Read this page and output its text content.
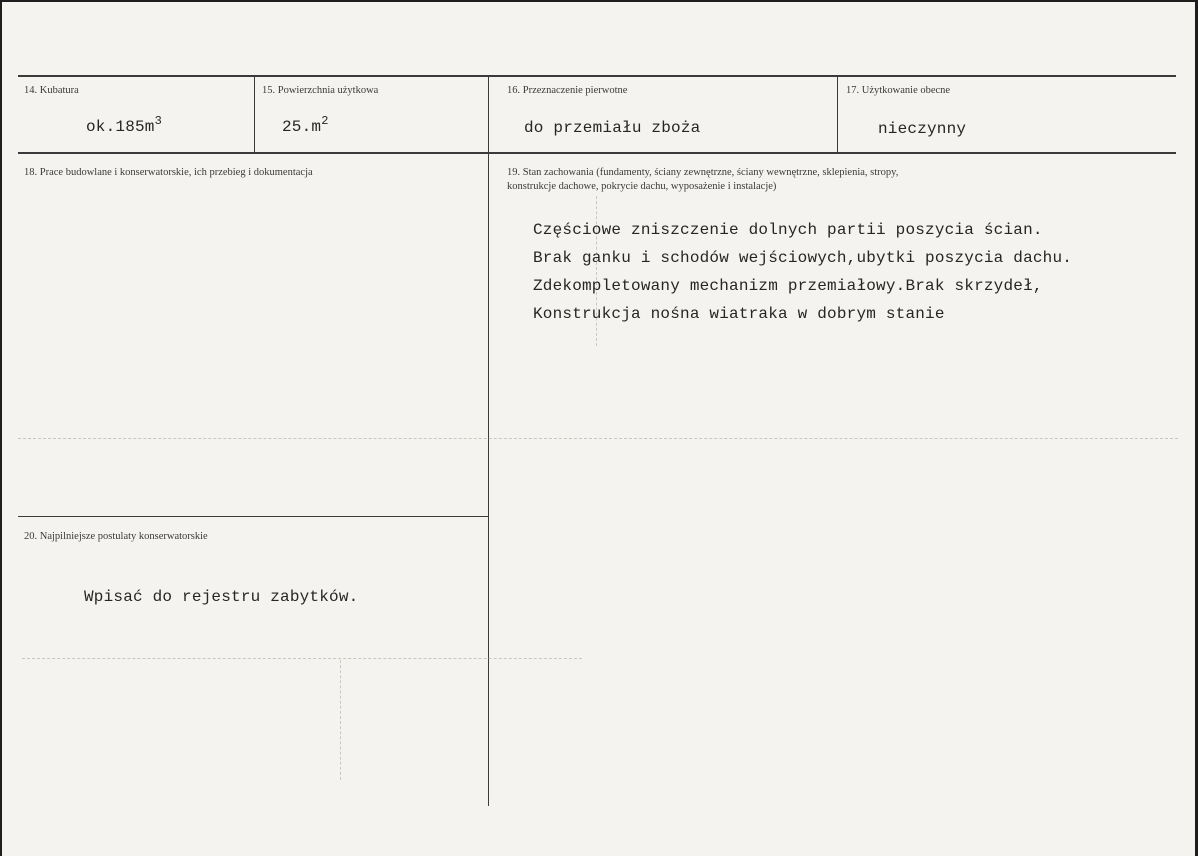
14. Kubatura
$ok.185m^3$
15. Powierzchnia użytkowa
$25.m^2$
16. Przeznaczenie pierwotne
do przemiału zboża
17. Użytkowanie obecne
nieczynny
18. Prace budowlane i konserwatorskie, ich przebieg i dokumentacja	19. Stan zachowania (fundamenty, ściany zewnętrzne, ściany wewnętrzne, sklepienia, stropy,
konstrukcje dachowe, pokrycie dachu, wyposażenie i instalacje)
Częściowe zniszczenie dolnych partii poszycia ścian.
Brak ganku i schodów wejściowych,ubytki poszycia dachu.
Zdekompletowany mechanizm przemiałowy.Brak skrzydeł,
Konstrukcja nośna wiatraka w dobrym stanie
20. Najpilniejsze postulaty konserwatorskie
Wpisać do rejestru zabytków.
